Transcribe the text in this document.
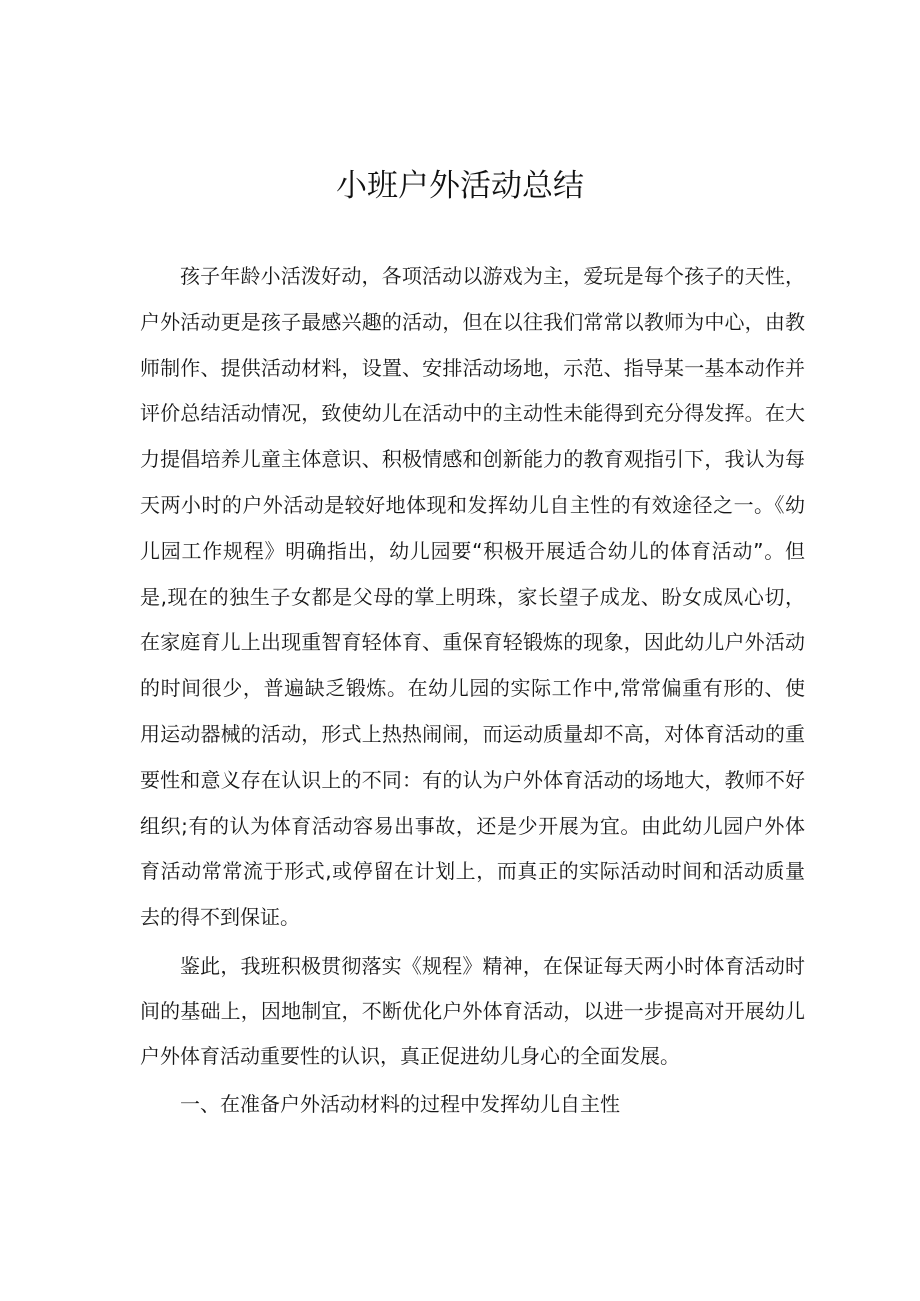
小班户外活动总结

孩子年龄小活泼好动，各项活动以游戏为主，爱玩是每个孩子的天性，户外活动更是孩子最感兴趣的活动，但在以往我们常常以教师为中心，由教师制作、提供活动材料，设置、安排活动场地，示范、指导某一基本动作并评价总结活动情况，致使幼儿在活动中的主动性未能得到充分得发挥。在大力提倡培养儿童主体意识、积极情感和创新能力的教育观指引下，我认为每天两小时的户外活动是较好地体现和发挥幼儿自主性的有效途径之一。《幼儿园工作规程》明确指出，幼儿园要“积极开展适合幼儿的体育活动”。但是,现在的独生子女都是父母的掌上明珠，家长望子成龙、盼女成凤心切，在家庭育儿上出现重智育轻体育、重保育轻锻炼的现象，因此幼儿户外活动的时间很少，普遍缺乏锻炼。在幼儿园的实际工作中,常常偏重有形的、使用运动器械的活动，形式上热热闹闹，而运动质量却不高，对体育活动的重要性和意义存在认识上的不同：有的认为户外体育活动的场地大，教师不好组织;有的认为体育活动容易出事故，还是少开展为宜。由此幼儿园户外体育活动常常流于形式,或停留在计划上，而真正的实际活动时间和活动质量去的得不到保证。

鉴此，我班积极贯彻落实《规程》精神，在保证每天两小时体育活动时间的基础上，因地制宜，不断优化户外体育活动，以进一步提高对开展幼儿户外体育活动重要性的认识，真正促进幼儿身心的全面发展。

一、在准备户外活动材料的过程中发挥幼儿自主性
